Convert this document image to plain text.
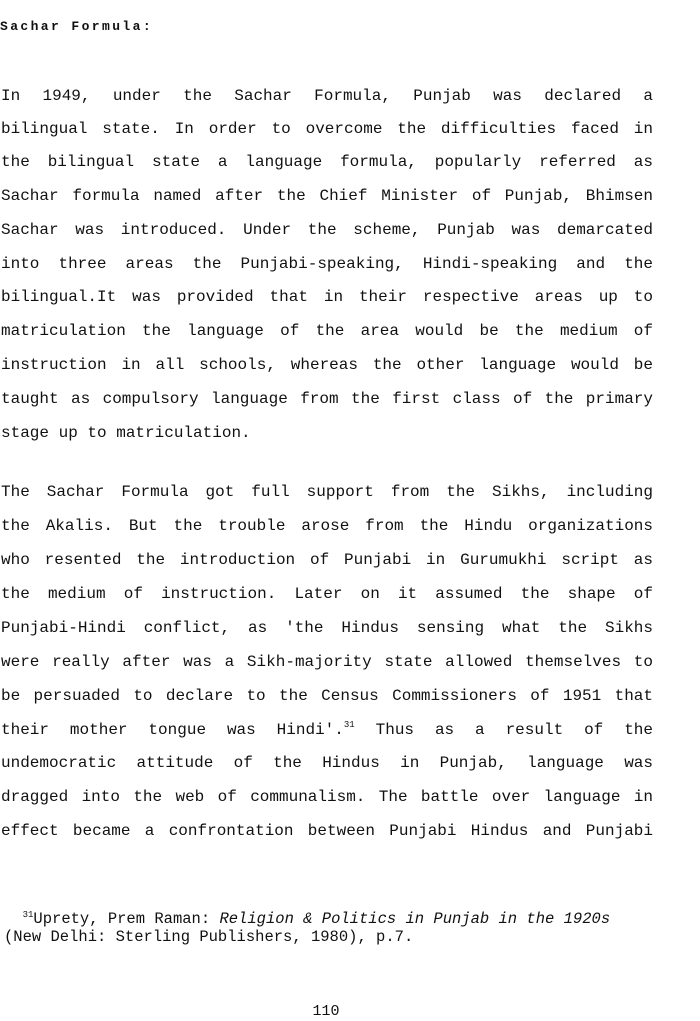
Sachar Formula:
In 1949, under the Sachar Formula, Punjab was declared a
bilingual state. In order to overcome the difficulties faced in
the bilingual state a language formula, popularly referred as
Sachar formula named after the Chief Minister of Punjab, Bhimsen
Sachar was introduced. Under the scheme, Punjab was demarcated
into three areas the Punjabi-speaking, Hindi-speaking and the
bilingual.It was provided that in their respective areas up to
matriculation the language of the area would be the medium of
instruction in all schools, whereas the other language would be
taught as compulsory language from the first class of the primary
stage up to matriculation.
The Sachar Formula got full support from the Sikhs, including
the Akalis. But the trouble arose from the Hindu organizations
who resented the introduction of Punjabi in Gurumukhi script as
the medium of instruction. Later on it assumed the shape of
Punjabi-Hindi conflict, as 'the Hindus sensing what the Sikhs
were really after was a Sikh-majority state allowed themselves to
be persuaded to declare to the Census Commissioners of 1951 that
their mother tongue was Hindi'.$^{31}$ Thus as a result of the
undemocratic attitude of the Hindus in Punjab, language was
dragged into the web of communalism. The battle over language in
effect became a confrontation between Punjabi Hindus and Punjabi
$^{31}$Uprety, Prem Raman: Religion & Politics in Punjab in the 1920s
(New Delhi: Sterling Publishers, 1980), p.7.
110
